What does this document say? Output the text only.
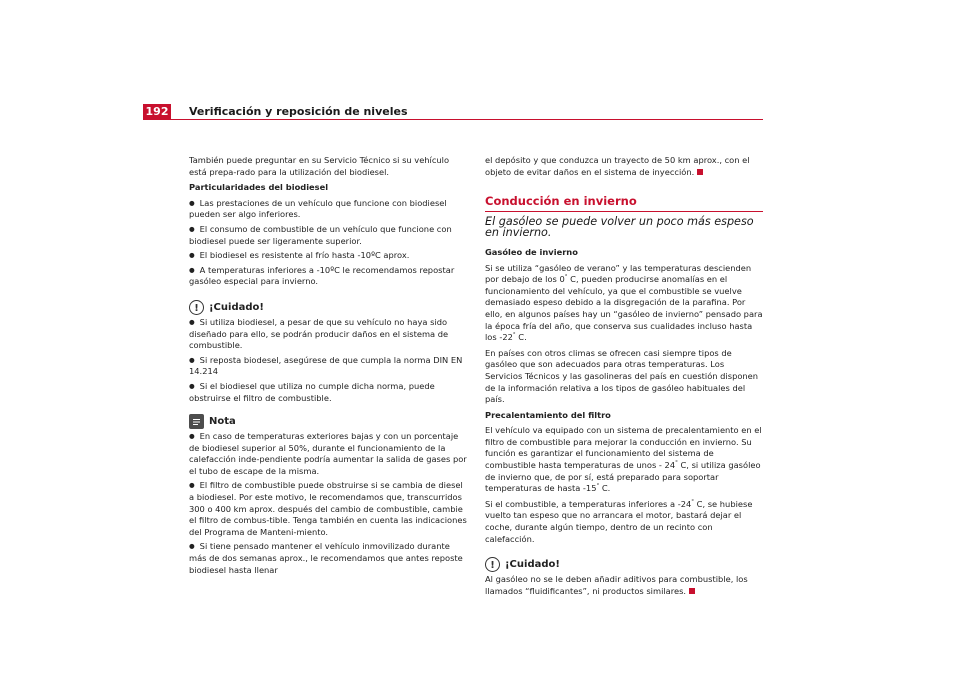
192 Verificación y reposición de niveles

También puede preguntar en su Servicio Técnico si su vehículo está prepa-rado para la utilización del biodiesel.

Particularidades del biodiesel

● Las prestaciones de un vehículo que funcione con biodiesel pueden ser algo inferiores.
● El consumo de combustible de un vehículo que funcione con biodiesel puede ser ligeramente superior.
● El biodiesel es resistente al frío hasta -10ºC aprox.
● A temperaturas inferiores a -10ºC le recomendamos repostar gasóleo especial para invierno.
!	¡Cuidado!
● Si utiliza biodiesel, a pesar de que su vehículo no haya sido diseñado para ello, se podrán producir daños en el sistema de combustible.
● Si reposta biodesel, asegúrese de que cumpla la norma DIN EN 14.214
● Si el biodiesel que utiliza no cumple dicha norma, puede obstruirse el filtro de combustible.
Nota
● En caso de temperaturas exteriores bajas y con un porcentaje de biodiesel superior al 50%, durante el funcionamiento de la calefacción inde-pendiente podría aumentar la salida de gases por el tubo de escape de la misma.
● El filtro de combustible puede obstruirse si se cambia de diesel a biodiesel. Por este motivo, le recomendamos que, transcurridos 300 o 400 km aprox. después del cambio de combustible, cambie el filtro de combus-tible. Tenga también en cuenta las indicaciones del Programa de Manteni-miento.
● Si tiene pensado mantener el vehículo inmovilizado durante más de dos semanas aprox., le recomendamos que antes reposte biodiesel hasta llenar

el depósito y que conduzca un trayecto de 50 km aprox., con el objeto de evitar daños en el sistema de inyección.

Conducción en invierno
El gasóleo se puede volver un poco más espeso en invierno.

Gasóleo de invierno

Si se utiliza “gasóleo de verano” y las temperaturas descienden por debajo de los 0° C, pueden producirse anomalías en el funcionamiento del vehículo, ya que el combustible se vuelve demasiado espeso debido a la disgregación de la parafina. Por ello, en algunos países hay un “gasóleo de invierno” pensado para la época fría del año, que conserva sus cualidades incluso hasta los -22° C.

En países con otros climas se ofrecen casi siempre tipos de gasóleo que son adecuados para otras temperaturas. Los Servicios Técnicos y las gasolineras del país en cuestión disponen de la información relativa a los tipos de gasóleo habituales del país.

Precalentamiento del filtro

El vehículo va equipado con un sistema de precalentamiento en el filtro de combustible para mejorar la conducción en invierno. Su función es garantizar el funcionamiento del sistema de combustible hasta temperaturas de unos - 24° C, si utiliza gasóleo de invierno que, de por sí, está preparado para soportar temperaturas de hasta -15° C.

Si el combustible, a temperaturas inferiores a -24° C, se hubiese vuelto tan espeso que no arrancara el motor, bastará dejar el coche, durante algún tiempo, dentro de un recinto con calefacción.

!	¡Cuidado!

Al gasóleo no se le deben añadir aditivos para combustible, los llamados “fluidificantes”, ni productos similares.
